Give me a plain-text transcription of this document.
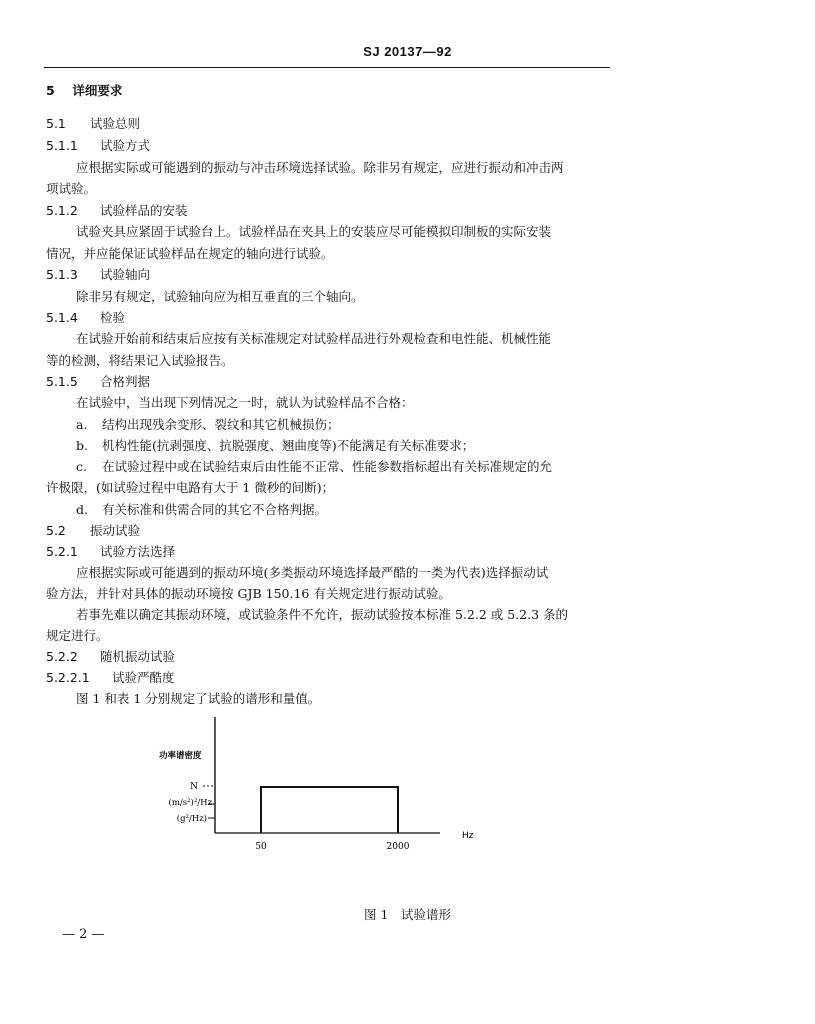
SJ 20137—92
5 详细要求
5.1 试验总则
5.1.1 试验方式
应根据实际或可能遇到的振动与冲击环境选择试验。除非另有规定，应进行振动和冲击两
项试验。
5.1.2 试验样品的安装
试验夹具应紧固于试验台上。试验样品在夹具上的安装应尽可能模拟印制板的实际安装
情况，并应能保证试验样品在规定的轴向进行试验。
5.1.3 试验轴向
除非另有规定，试验轴向应为相互垂直的三个轴向。
5.1.4 检验
在试验开始前和结束后应按有关标准规定对试验样品进行外观检查和电性能、机械性能
等的检测，将结果记入试验报告。
5.1.5 合格判据
在试验中，当出现下列情况之一时，就认为试验样品不合格：
a. 结构出现残余变形、裂纹和其它机械损伤；
b. 机构性能(抗剥强度、抗脱强度、翘曲度等)不能满足有关标准要求；
c. 在试验过程中或在试验结束后由性能不正常、性能参数指标超出有关标准规定的允
许极限，(如试验过程中电路有大于 1 微秒的间断)；
d. 有关标准和供需合同的其它不合格判据。
5.2 振动试验
5.2.1 试验方法选择
应根据实际或可能遇到的振动环境(多类振动环境选择最严酷的一类为代表)选择振动试
验方法，并针对具体的振动环境按 GJB 150.16 有关规定进行振动试验。
若事先难以确定其振动环境，或试验条件不允许，振动试验按本标准 5.2.2 或 5.2.3 条的
规定进行。
5.2.2 随机振动试验
5.2.2.1 试验严酷度
图 1 和表 1 分别规定了试验的谱形和量值。
功率谱密度
N
(m/s²)²/Hz
(g²/Hz)
50	2000
Hz
图 1　试验谱形
— 2 —
